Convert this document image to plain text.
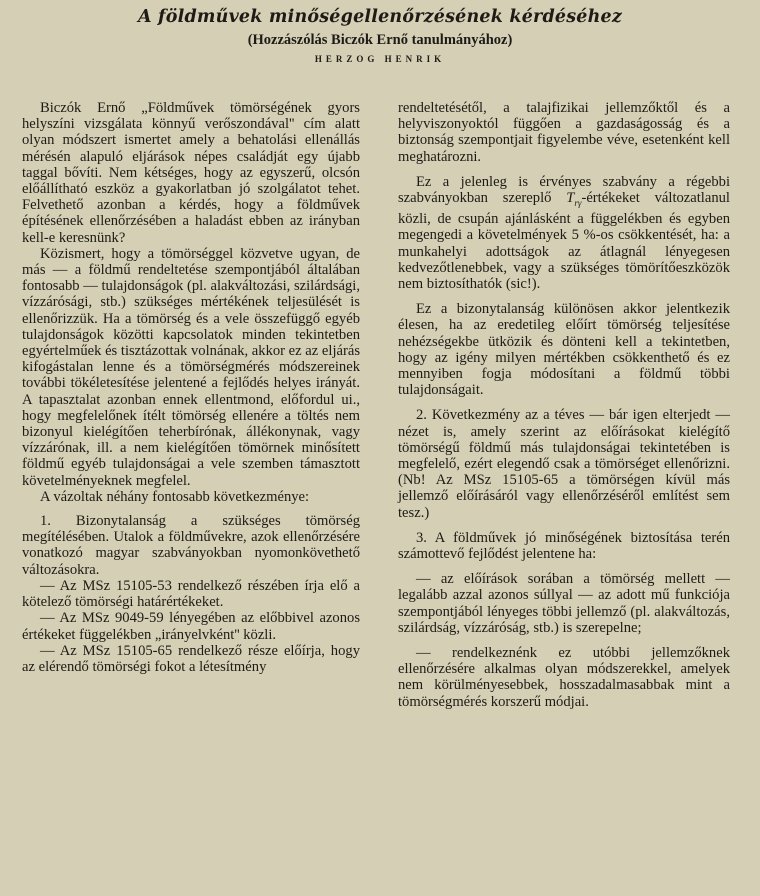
A földművek minőségellenőrzésének kérdéséhez
(Hozzászólás Biczók Ernő tanulmányához)
HERZOG HENRIK

Biczók Ernő „Földművek tömörségének gyors helyszíni vizsgálata könnyű verőszondával'' cím alatt olyan módszert ismertet amely a behatolási ellenállás mérésén alapuló eljárások népes családját egy újabb taggal bővíti. Nem kétséges, hogy az egyszerű, olcsón előállítható eszköz a gyakorlatban jó szolgálatot tehet. Felvethető azonban a kérdés, hogy a földművek építésének ellenőrzésében a haladást ebben az irányban kell-e keresnünk?

Közismert, hogy a tömörséggel közvetve ugyan, de más — a földmű rendeltetése szempontjából általában fontosabb — tulajdonságok (pl. alakváltozási, szilárdsági, vízzárósági, stb.) szükséges mértékének teljesülését is ellenőrizzük. Ha a tömörség és a vele összefüggő egyéb tulajdonságok közötti kapcsolatok minden tekintetben egyértelműek és tisztázottak volnának, akkor ez az eljárás kifogástalan lenne és a tömörségmérés módszereinek további tökéletesítése jelentené a fejlődés helyes irányát. A tapasztalat azonban ennek ellentmond, előfordul ui., hogy megfelelőnek ítélt tömörség ellenére a töltés nem bizonyul kielégítően teherbírónak, állékonynak, vagy vízzárónak, ill. a nem kielégítően tömörnek minősített földmű egyéb tulajdonságai a vele szemben támasztott követelményeknek megfelel.

A vázoltak néhány fontosabb következménye:

1. Bizonytalanság a szükséges tömörség megítélésében. Utalok a földművekre, azok ellenőrzésére vonatkozó magyar szabványokban nyomonkövethető változásokra.

— Az MSz 15105-53 rendelkező részében írja elő a kötelező tömörségi határértékeket.

— Az MSz 9049-59 lényegében az előbbivel azonos értékeket függelékben „irányelvként'' közli.

— Az MSz 15105-65 rendelkező része előírja, hogy az elérendő tömörségi fokot a létesítmény

rendeltetésétől, a talajfizikai jellemzőktől és a helyviszonyoktól függően a gazdaságosság és a biztonság szempontjait figyelembe véve, esetenként kell meghatározni.

Ez a jelenleg is érvényes szabvány a régebbi szabványokban szereplő $T_{r\gamma}$-értékeket változatlanul közli, de csupán ajánlásként a függelékben és egyben megengedi a követelmények 5 %-os csökkentését, ha: a munkahelyi adottságok az átlagnál lényegesen kedvezőtlenebbek, vagy a szükséges tömörítőeszközök nem biztosíthatók (sic!).

Ez a bizonytalanság különösen akkor jelentkezik élesen, ha az eredetileg előírt tömörség teljesítése nehézségekbe ütközik és dönteni kell a tekintetben, hogy az igény milyen mértékben csökkenthető és ez mennyiben fogja módosítani a földmű többi tulajdonságait.

2. Következmény az a téves — bár igen elterjedt — nézet is, amely szerint az előírásokat kielégítő tömörségű földmű más tulajdonságai tekintetében is megfelelő, ezért elegendő csak a tömörséget ellenőrizni. (Nb! Az MSz 15105-65 a tömörségen kívül más jellemző előírásáról vagy ellenőrzéséről említést sem tesz.)

3. A földművek jó minőségének biztosítása terén számottevő fejlődést jelentene ha:

— az előírások sorában a tömörség mellett — legalább azzal azonos súllyal — az adott mű funkciója szempontjából lényeges többi jellemző (pl. alakváltozás, szilárdság, vízzáróság, stb.) is szerepelne;

— rendelkeznénk ez utóbbi jellemzőknek ellenőrzésére alkalmas olyan módszerekkel, amelyek nem körülményesebbek, hosszadalmasabbak mint a tömörségmérés korszerű módjai.
